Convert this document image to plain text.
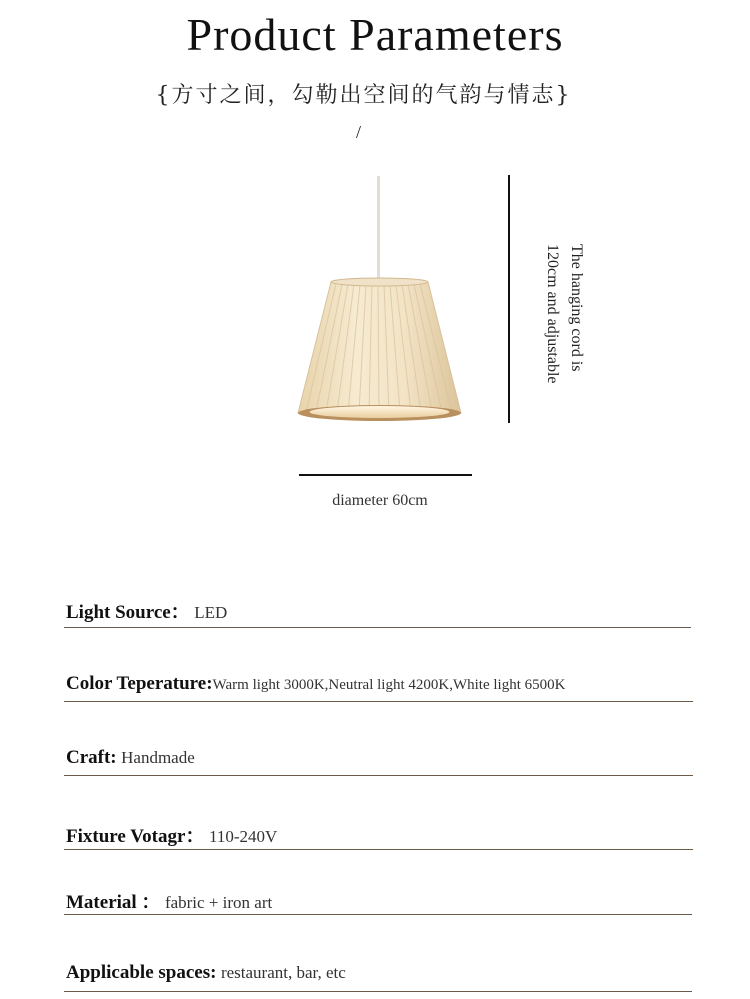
Product Parameters
{方寸之间，勾勒出空间的气韵与情志}
/
The hanging cord is
120cm and adjustable
diameter 60cm
Light Source： LED
Color Teperature:Warm light 3000K,Neutral light 4200K,White light 6500K
Craft: Handmade
Fixture Votagr： 110-240V
Material ： fabric + iron art
Applicable spaces: restaurant, bar, etc
